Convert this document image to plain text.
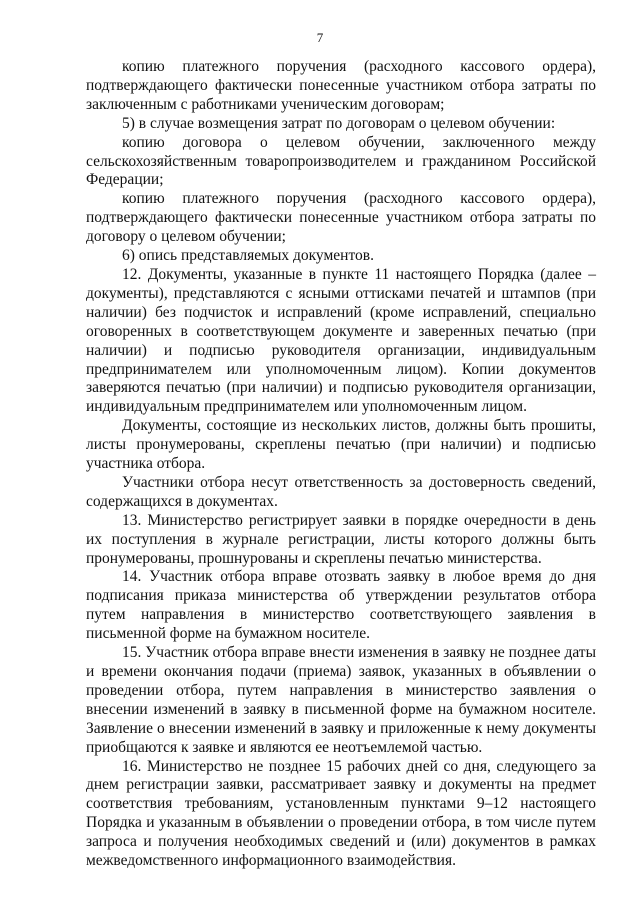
7

копию платежного поручения (расходного кассового ордера), подтверждающего фактически понесенные участником отбора затраты по заключенным с работниками ученическим договорам;

5) в случае возмещения затрат по договорам о целевом обучении:

копию договора о целевом обучении, заключенного между сельскохозяйственным товаропроизводителем и гражданином Российской Федерации;

копию платежного поручения (расходного кассового ордера), подтверждающего фактически понесенные участником отбора затраты по договору о целевом обучении;

6) опись представляемых документов.

12. Документы, указанные в пункте 11 настоящего Порядка (далее – документы), представляются с ясными оттисками печатей и штампов (при наличии) без подчисток и исправлений (кроме исправлений, специально оговоренных в соответствующем документе и заверенных печатью (при наличии) и подписью руководителя организации, индивидуальным предпринимателем или уполномоченным лицом). Копии документов заверяются печатью (при наличии) и подписью руководителя организации, индивидуальным предпринимателем или уполномоченным лицом.

Документы, состоящие из нескольких листов, должны быть прошиты, листы пронумерованы, скреплены печатью (при наличии) и подписью участника отбора.

Участники отбора несут ответственность за достоверность сведений, содержащихся в документах.

13. Министерство регистрирует заявки в порядке очередности в день их поступления в журнале регистрации, листы которого должны быть пронумерованы, прошнурованы и скреплены печатью министерства.

14. Участник отбора вправе отозвать заявку в любое время до дня подписания приказа министерства об утверждении результатов отбора путем направления в министерство соответствующего заявления в письменной форме на бумажном носителе.

15. Участник отбора вправе внести изменения в заявку не позднее даты и времени окончания подачи (приема) заявок, указанных в объявлении о проведении отбора, путем направления в министерство заявления о внесении изменений в заявку в письменной форме на бумажном носителе. Заявление о внесении изменений в заявку и приложенные к нему документы приобщаются к заявке и являются ее неотъемлемой частью.

16. Министерство не позднее 15 рабочих дней со дня, следующего за днем регистрации заявки, рассматривает заявку и документы на предмет соответствия требованиям, установленным пунктами 9–12 настоящего Порядка и указанным в объявлении о проведении отбора, в том числе путем запроса и получения необходимых сведений и (или) документов в рамках межведомственного информационного взаимодействия.
